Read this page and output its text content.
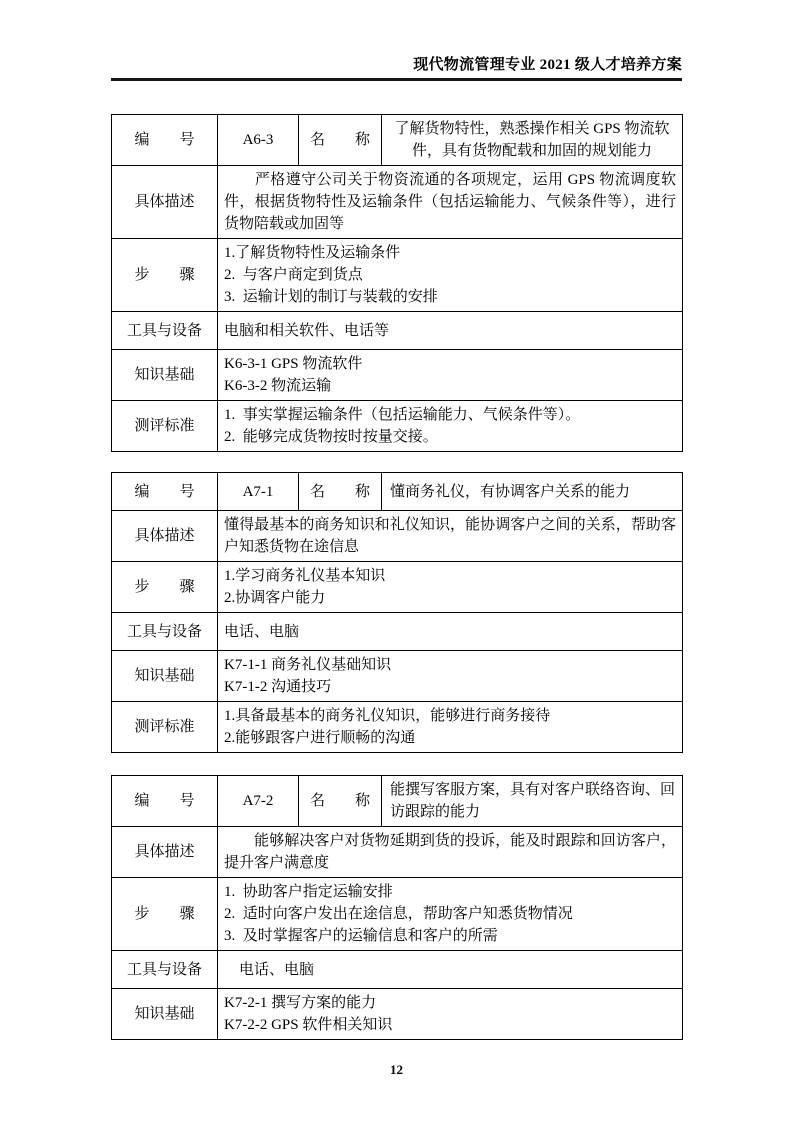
现代物流管理专业 2021 级人才培养方案
编　　号	A6-3	名　　称	了解货物特性，熟悉操作相关 GPS 物流软件，具有货物配载和加固的规划能力
具体描述	　　严格遵守公司关于物资流通的各项规定，运用 GPS 物流调度软件，根据货物特性及运输条件（包括运输能力、气候条件等），进行货物陪载或加固等		

步　　骤	1.了解货物特性及运输条件
2.  与客户商定到货点
3.  运输计划的制订与装载的安排		

工具与设备	电脑和相关软件、电话等		

知识基础	K6-3-1 GPS 物流软件
K6-3-2 物流运输		

测评标准	1.  事实掌握运输条件（包括运输能力、气候条件等）。
2.  能够完成货物按时按量交接。		
编　　号	A7-1	名　　称	懂商务礼仪，有协调客户关系的能力
具体描述	懂得最基本的商务知识和礼仪知识，能协调客户之间的关系，帮助客户知悉货物在途信息		

步　　骤	1.学习商务礼仪基本知识
2.协调客户能力		

工具与设备	电话、电脑		

知识基础	K7-1-1 商务礼仪基础知识
K7-1-2 沟通技巧		

测评标准	1.具备最基本的商务礼仪知识，能够进行商务接待
2.能够跟客户进行顺畅的沟通		
编　　号	A7-2	名　　称	能撰写客服方案，具有对客户联络咨询、回访跟踪的能力
具体描述	　　能够解决客户对货物延期到货的投诉，能及时跟踪和回访客户，提升客户满意度		

步　　骤	1.  协助客户指定运输安排
2.  适时向客户发出在途信息，帮助客户知悉货物情况
3.  及时掌握客户的运输信息和客户的所需		

工具与设备	　电话、电脑		

知识基础	K7-2-1 撰写方案的能力
K7-2-2 GPS 软件相关知识		
12
